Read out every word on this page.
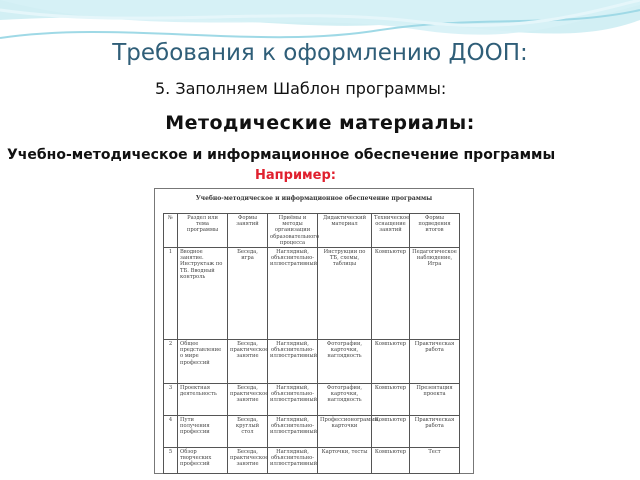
Требования к оформлению ДООП:
5. Заполняем Шаблон программы:
Методические материалы:
Учебно-методическое и информационное обеспечение программы
Например:
Учебно-методическое и информационное обеспечение программы
№	Раздел или тема программы	Формы занятий	Приёмы и методы организации образовательного процесса	Дидактический материал	Техническое оснащение занятий	Формы подведения итогов
1	Вводное занятие. Инструктаж по ТБ. Вводный контроль	Беседа, игра	Наглядный, объяснительно-иллюстративный	Инструкции по ТБ, схемы, таблицы	Компьютер	Педагогическое наблюдение, Игра
2	Общее представление о мире профессий	Беседа, практическое занятие	Наглядный, объяснительно-иллюстративный	Фотографии, карточки, наглядность	Компьютер	Практическая работа
3	Проектная деятельность	Беседа, практическое занятие	Наглядный, объяснительно-иллюстративный	Фотографии, карточки, наглядность	Компьютер	Презентация проекта
4	Пути получения профессии	Беседа, круглый стол	Наглядный, объяснительно-иллюстративный	Профессионограммы, карточки	Компьютер	Практическая работа
5	Обзор творческих профессий	Беседа, практическое занятие	Наглядный, объяснительно-иллюстративный	Карточки, тесты	Компьютер	Тест
